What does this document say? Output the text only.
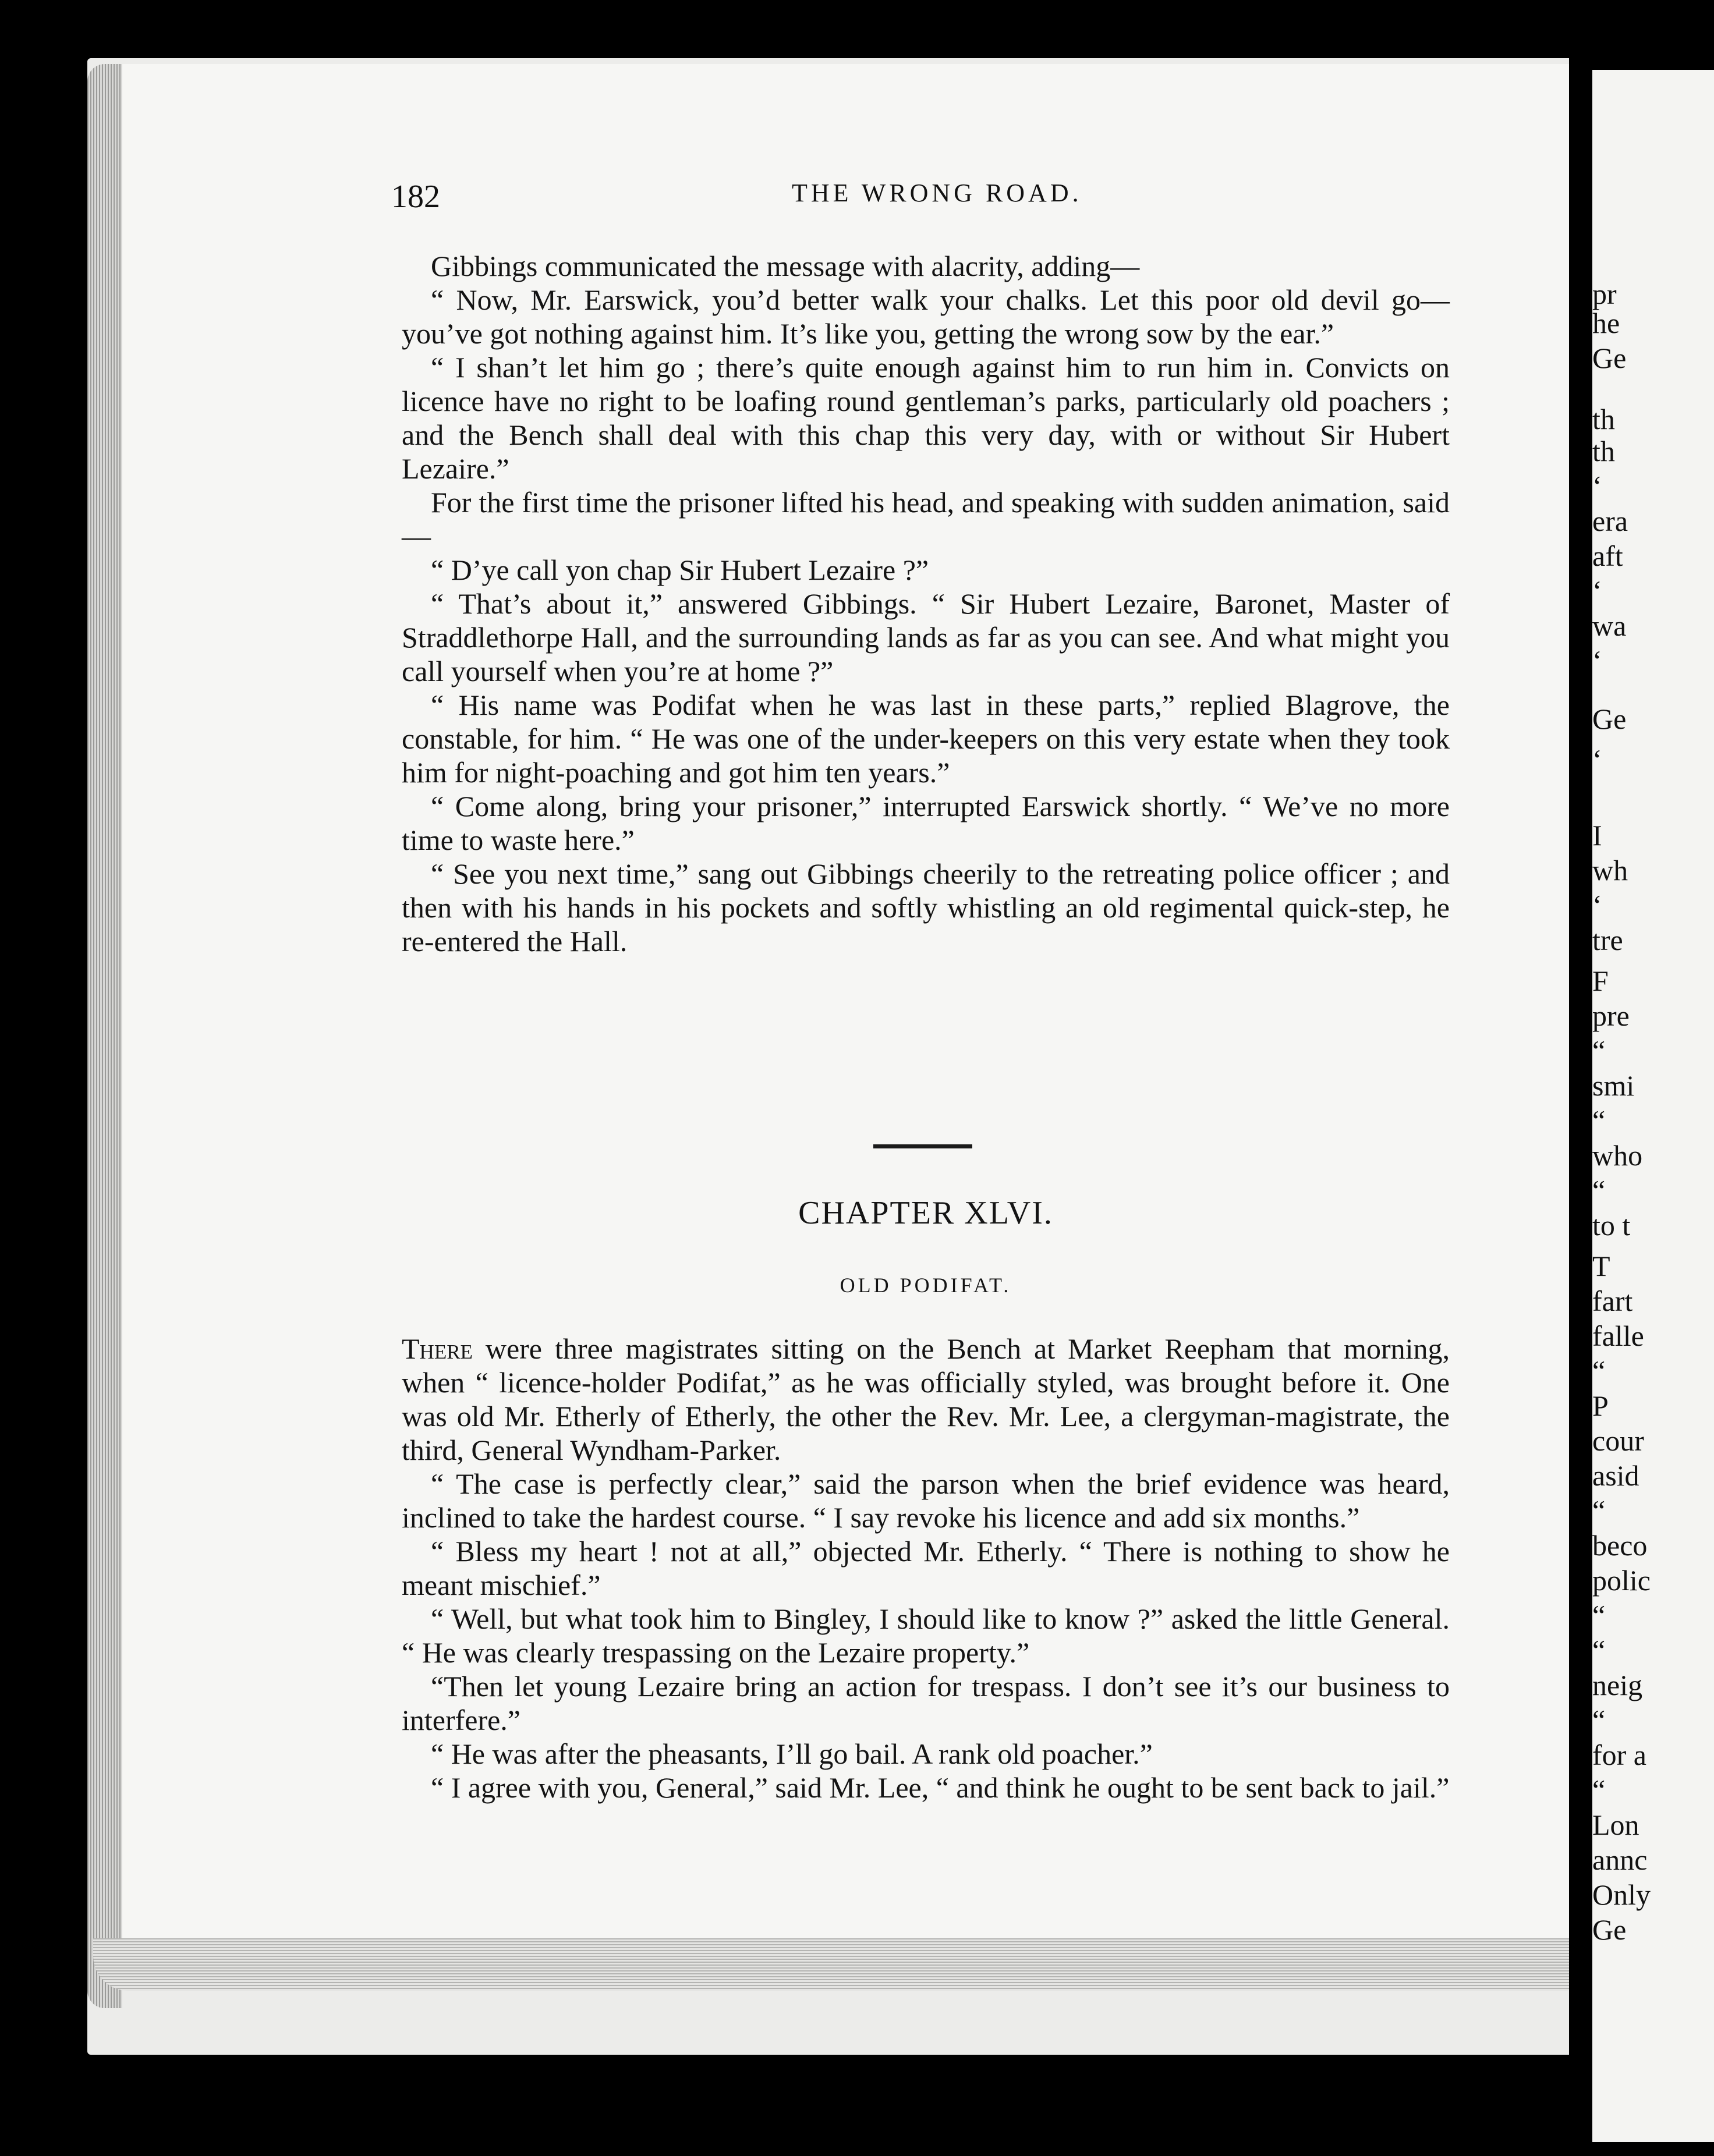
pr
he
Ge
th
th
‘
era
aft
‘
wa
‘
Ge
‘
I
wh
‘
tre
F
pre
“
smi
“
who
“
to t
T
fart
falle
“
P
cour
asid
“
beco
polic
“
“
neig
“
for a
“
Lon
annc
Only
Ge
182	THE WRONG ROAD.

Gibbings communicated the message with alacrity, adding—

“ Now, Mr. Earswick, you’d better walk your chalks. Let this poor old devil go—you’ve got nothing against him. It’s like you, getting the wrong sow by the ear.”

“ I shan’t let him go ; there’s quite enough against him to run him in. Convicts on licence have no right to be loafing round gentleman’s parks, particularly old poachers ; and the Bench shall deal with this chap this very day, with or without Sir Hubert Lezaire.”

For the first time the prisoner lifted his head, and speaking with sudden animation, said—

“ D’ye call yon chap Sir Hubert Lezaire ?”

“ That’s about it,” answered Gibbings. “ Sir Hubert Lezaire, Baronet, Master of Straddlethorpe Hall, and the surrounding lands as far as you can see. And what might you call yourself when you’re at home ?”

“ His name was Podifat when he was last in these parts,” replied Blagrove, the constable, for him. “ He was one of the under-keepers on this very estate when they took him for night-poaching and got him ten years.”

“ Come along, bring your prisoner,” interrupted Earswick shortly. “ We’ve no more time to waste here.”

“ See you next time,” sang out Gibbings cheerily to the retreating police officer ; and then with his hands in his pockets and softly whistling an old regimental quick-step, he re-entered the Hall.

CHAPTER XLVI.
OLD PODIFAT.

There were three magistrates sitting on the Bench at Market Reepham that morning, when “ licence-holder Podifat,” as he was officially styled, was brought before it. One was old Mr. Etherly of Etherly, the other the Rev. Mr. Lee, a clergyman-magistrate, the third, General Wyndham-Parker.

“ The case is perfectly clear,” said the parson when the brief evidence was heard, inclined to take the hardest course. “ I say revoke his licence and add six months.”

“ Bless my heart ! not at all,” objected Mr. Etherly. “ There is nothing to show he meant mischief.”

“ Well, but what took him to Bingley, I should like to know ?” asked the little General. “ He was clearly trespassing on the Lezaire property.”

“Then let young Lezaire bring an action for trespass. I don’t see it’s our business to interfere.”

“ He was after the pheasants, I’ll go bail. A rank old poacher.”

“ I agree with you, General,” said Mr. Lee, “ and think he ought to be sent back to jail.”
